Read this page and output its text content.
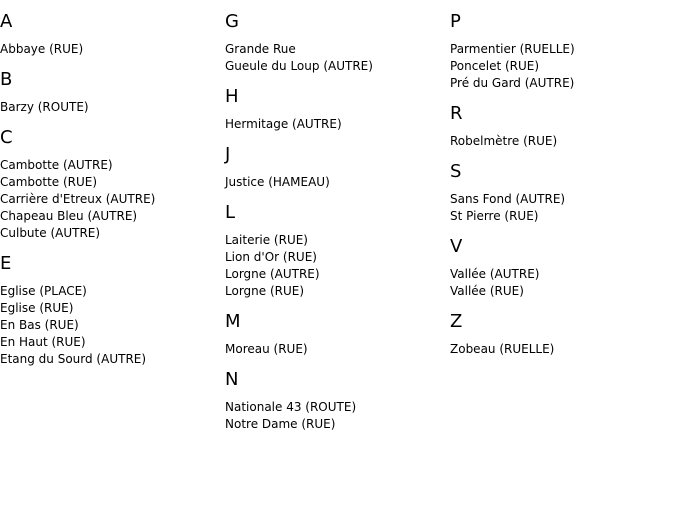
A
Abbaye (RUE)
B
Barzy (ROUTE)
C
Cambotte (AUTRE)
Cambotte (RUE)
Carrière d'Etreux (AUTRE)
Chapeau Bleu (AUTRE)
Culbute (AUTRE)
E
Eglise (PLACE)
Eglise (RUE)
En Bas (RUE)
En Haut (RUE)
Etang du Sourd (AUTRE)
G
Grande Rue
Gueule du Loup (AUTRE)
H
Hermitage (AUTRE)
J
Justice (HAMEAU)
L
Laiterie (RUE)
Lion d'Or (RUE)
Lorgne (AUTRE)
Lorgne (RUE)
M
Moreau (RUE)
N
Nationale 43 (ROUTE)
Notre Dame (RUE)
P
Parmentier (RUELLE)
Poncelet (RUE)
Pré du Gard (AUTRE)
R
Robelmètre (RUE)
S
Sans Fond (AUTRE)
St Pierre (RUE)
V
Vallée (AUTRE)
Vallée (RUE)
Z
Zobeau (RUELLE)
